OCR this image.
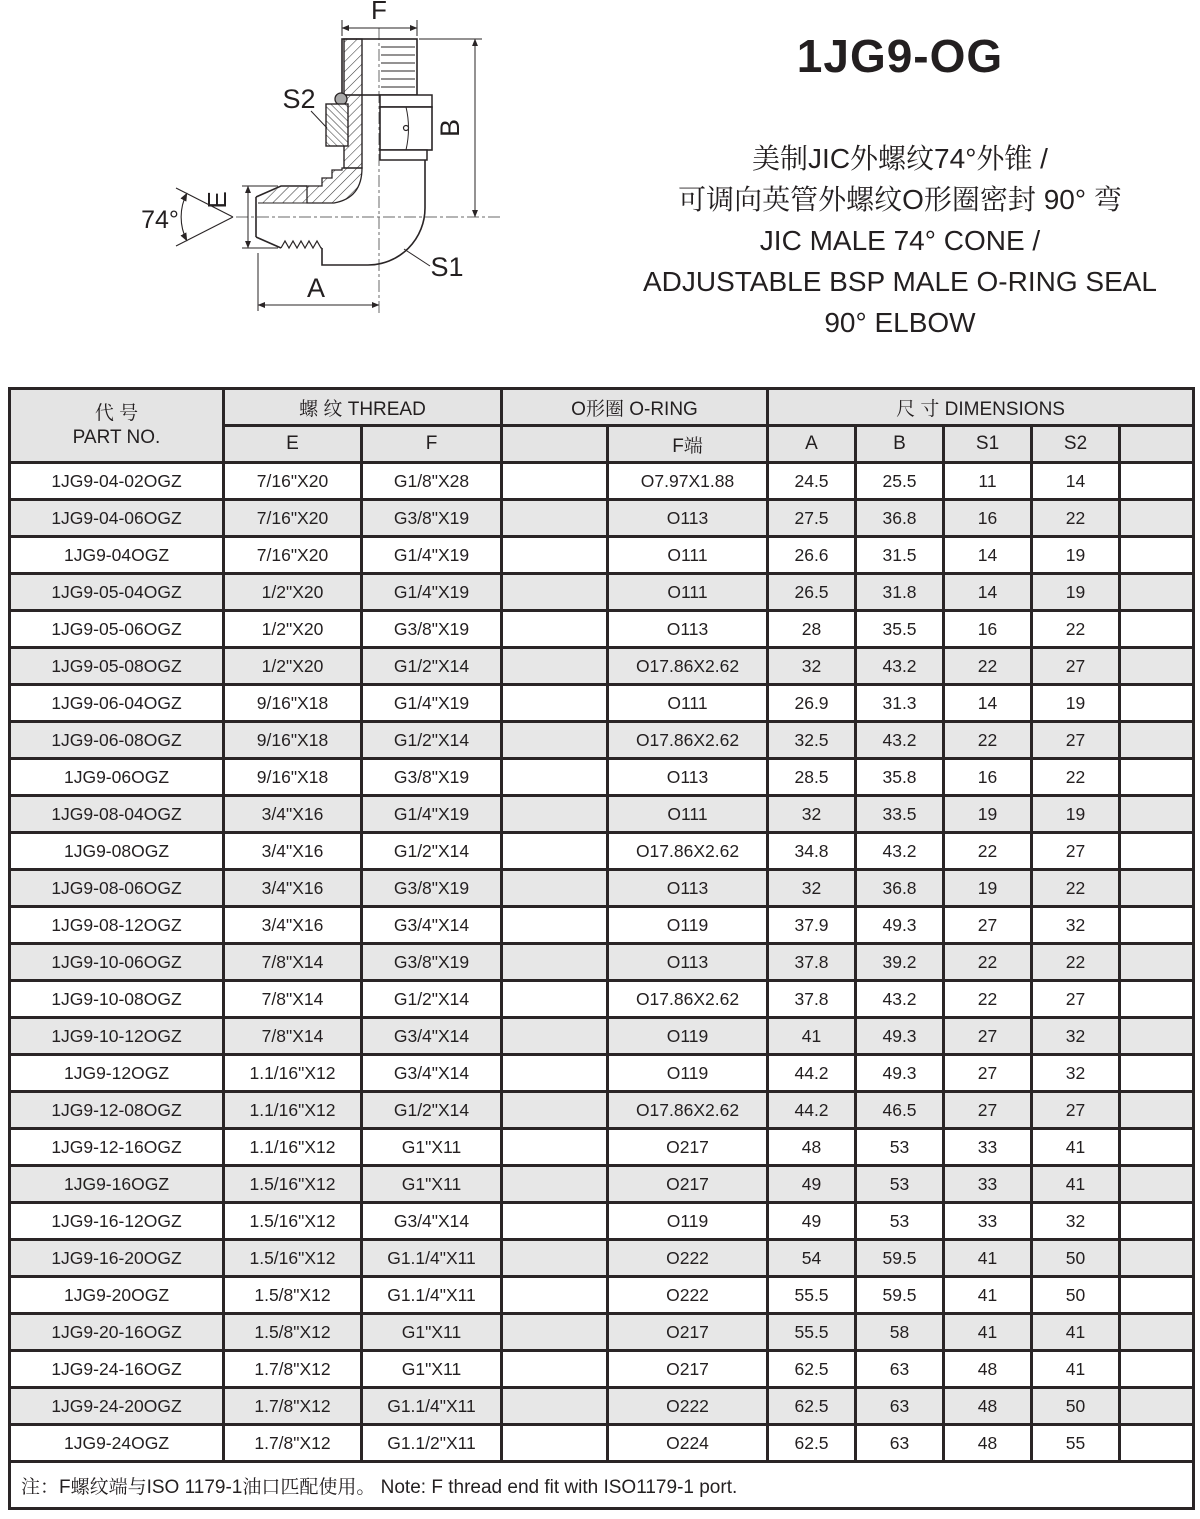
F
B
E
A
74°
S1
S2
1JG9-OG
美制JIC外螺纹74°外锥 /
可调向英管外螺纹O形圈密封 90° 弯
JIC MALE 74° CONE /
ADJUSTABLE BSP MALE O-RING SEAL
90° ELBOW
代 号
PART NO.	螺 纹 THREAD		O形圈 O-RING		尺 寸 DIMENSIONS				
	E	F		F端	A	B	S1	S2	
1JG9-04-02OGZ	7/16"X20	G1/8"X28		O7.97X1.88	24.5	25.5	11	14	
1JG9-04-06OGZ	7/16"X20	G3/8"X19		O113	27.5	36.8	16	22	
1JG9-04OGZ	7/16"X20	G1/4"X19		O111	26.6	31.5	14	19	
1JG9-05-04OGZ	1/2"X20	G1/4"X19		O111	26.5	31.8	14	19	
1JG9-05-06OGZ	1/2"X20	G3/8"X19		O113	28	35.5	16	22	
1JG9-05-08OGZ	1/2"X20	G1/2"X14		O17.86X2.62	32	43.2	22	27	
1JG9-06-04OGZ	9/16"X18	G1/4"X19		O111	26.9	31.3	14	19	
1JG9-06-08OGZ	9/16"X18	G1/2"X14		O17.86X2.62	32.5	43.2	22	27	
1JG9-06OGZ	9/16"X18	G3/8"X19		O113	28.5	35.8	16	22	
1JG9-08-04OGZ	3/4"X16	G1/4"X19		O111	32	33.5	19	19	
1JG9-08OGZ	3/4"X16	G1/2"X14		O17.86X2.62	34.8	43.2	22	27	
1JG9-08-06OGZ	3/4"X16	G3/8"X19		O113	32	36.8	19	22	
1JG9-08-12OGZ	3/4"X16	G3/4"X14		O119	37.9	49.3	27	32	
1JG9-10-06OGZ	7/8"X14	G3/8"X19		O113	37.8	39.2	22	22	
1JG9-10-08OGZ	7/8"X14	G1/2"X14		O17.86X2.62	37.8	43.2	22	27	
1JG9-10-12OGZ	7/8"X14	G3/4"X14		O119	41	49.3	27	32	
1JG9-12OGZ	1.1/16"X12	G3/4"X14		O119	44.2	49.3	27	32	
1JG9-12-08OGZ	1.1/16"X12	G1/2"X14		O17.86X2.62	44.2	46.5	27	27	
1JG9-12-16OGZ	1.1/16"X12	G1"X11		O217	48	53	33	41	
1JG9-16OGZ	1.5/16"X12	G1"X11		O217	49	53	33	41	
1JG9-16-12OGZ	1.5/16"X12	G3/4"X14		O119	49	53	33	32	
1JG9-16-20OGZ	1.5/16"X12	G1.1/4"X11		O222	54	59.5	41	50	
1JG9-20OGZ	1.5/8"X12	G1.1/4"X11		O222	55.5	59.5	41	50	
1JG9-20-16OGZ	1.5/8"X12	G1"X11		O217	55.5	58	41	41	
1JG9-24-16OGZ	1.7/8"X12	G1"X11		O217	62.5	63	48	41	
1JG9-24-20OGZ	1.7/8"X12	G1.1/4"X11		O222	62.5	63	48	50	
1JG9-24OGZ	1.7/8"X12	G1.1/2"X11		O224	62.5	63	48	55	
注：F螺纹端与ISO 1179-1油口匹配使用。 Note: F thread end fit with ISO1179-1 port.									
